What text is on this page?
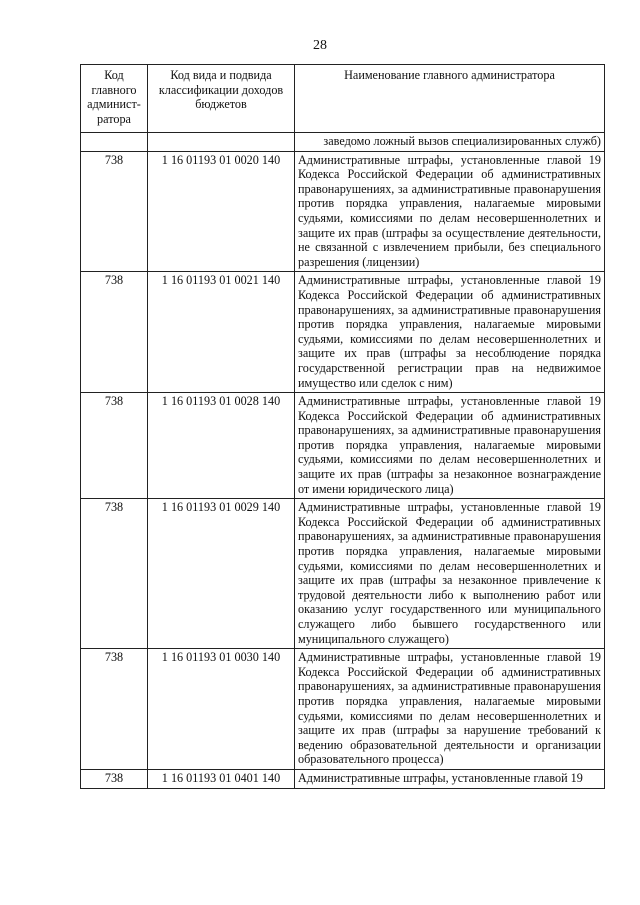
28
Код главного админист-ратора	Код вида и подвида классификации доходов бюджетов	Наименование главного администратора
		заведомо ложный вызов специализированных служб)
738	1 16 01193 01 0020 140	Административные штрафы, установленные главой 19 Кодекса Российской Федерации об административных правонарушениях, за административные правонарушения против порядка управления, налагаемые мировыми судьями, комиссиями по делам несовершеннолетних и защите их прав (штрафы за осуществление деятельности, не связанной с извлечением прибыли, без специального разрешения (лицензии)
738	1 16 01193 01 0021 140	Административные штрафы, установленные главой 19 Кодекса Российской Федерации об административных правонарушениях, за административные правонарушения против порядка управления, налагаемые мировыми судьями, комиссиями по делам несовершеннолетних и защите их прав (штрафы за несоблюдение порядка государственной регистрации прав на недвижимое имущество или сделок с ним)
738	1 16 01193 01 0028 140	Административные штрафы, установленные главой 19 Кодекса Российской Федерации об административных правонарушениях, за административные правонарушения против порядка управления, налагаемые мировыми судьями, комиссиями по делам несовершеннолетних и защите их прав (штрафы за незаконное вознаграждение от имени юридического лица)
738	1 16 01193 01 0029 140	Административные штрафы, установленные главой 19 Кодекса Российской Федерации об административных правонарушениях, за административные правонарушения против порядка управления, налагаемые мировыми судьями, комиссиями по делам несовершеннолетних и защите их прав (штрафы за незаконное привлечение к трудовой деятельности либо к выполнению работ или оказанию услуг государственного или муниципального служащего либо бывшего государственного или муниципального служащего)
738	1 16 01193 01 0030 140	Административные штрафы, установленные главой 19 Кодекса Российской Федерации об административных правонарушениях, за административные правонарушения против порядка управления, налагаемые мировыми судьями, комиссиями по делам несовершеннолетних и защите их прав (штрафы за нарушение требований к ведению образовательной деятельности и организации образовательного процесса)
738	1 16 01193 01 0401 140	Административные штрафы, установленные главой 19
